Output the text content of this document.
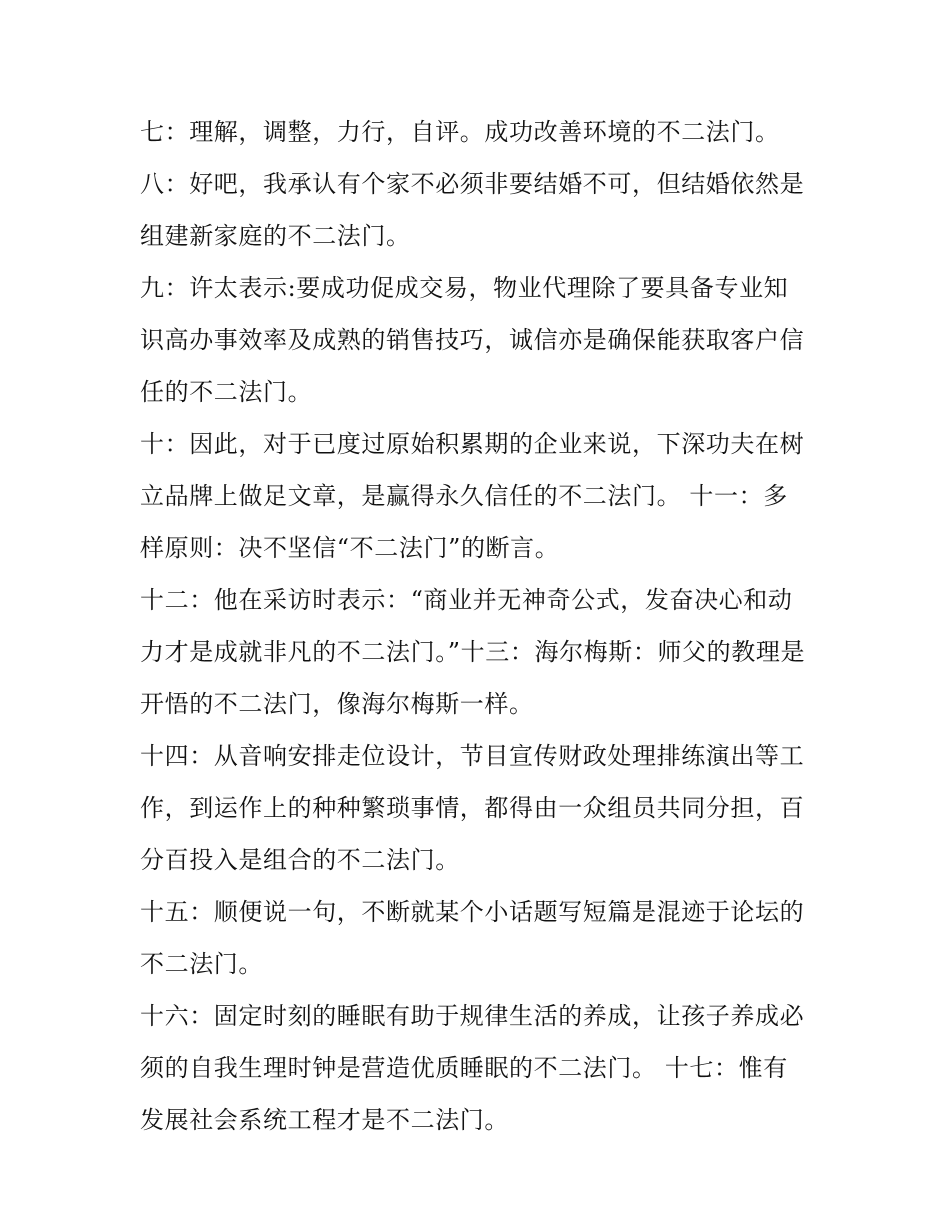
七：理解，调整，力行，自评。成功改善环境的不二法门。

八：好吧，我承认有个家不必须非要结婚不可，但结婚依然是组建新家庭的不二法门。

九：许太表示:要成功促成交易，物业代理除了要具备专业知识高办事效率及成熟的销售技巧，诚信亦是确保能获取客户信任的不二法门。

十：因此，对于已度过原始积累期的企业来说，下深功夫在树立品牌上做足文章，是赢得永久信任的不二法门。 十一：多样原则：决不坚信“不二法门”的断言。

十二：他在采访时表示：“商业并无神奇公式，发奋决心和动力才是成就非凡的不二法门。”十三：海尔梅斯：师父的教理是开悟的不二法门，像海尔梅斯一样。

十四：从音响安排走位设计，节目宣传财政处理排练演出等工作，到运作上的种种繁琐事情，都得由一众组员共同分担，百分百投入是组合的不二法门。

十五：顺便说一句，不断就某个小话题写短篇是混迹于论坛的不二法门。

十六：固定时刻的睡眠有助于规律生活的养成，让孩子养成必须的自我生理时钟是营造优质睡眠的不二法门。 十七：惟有发展社会系统工程才是不二法门。
